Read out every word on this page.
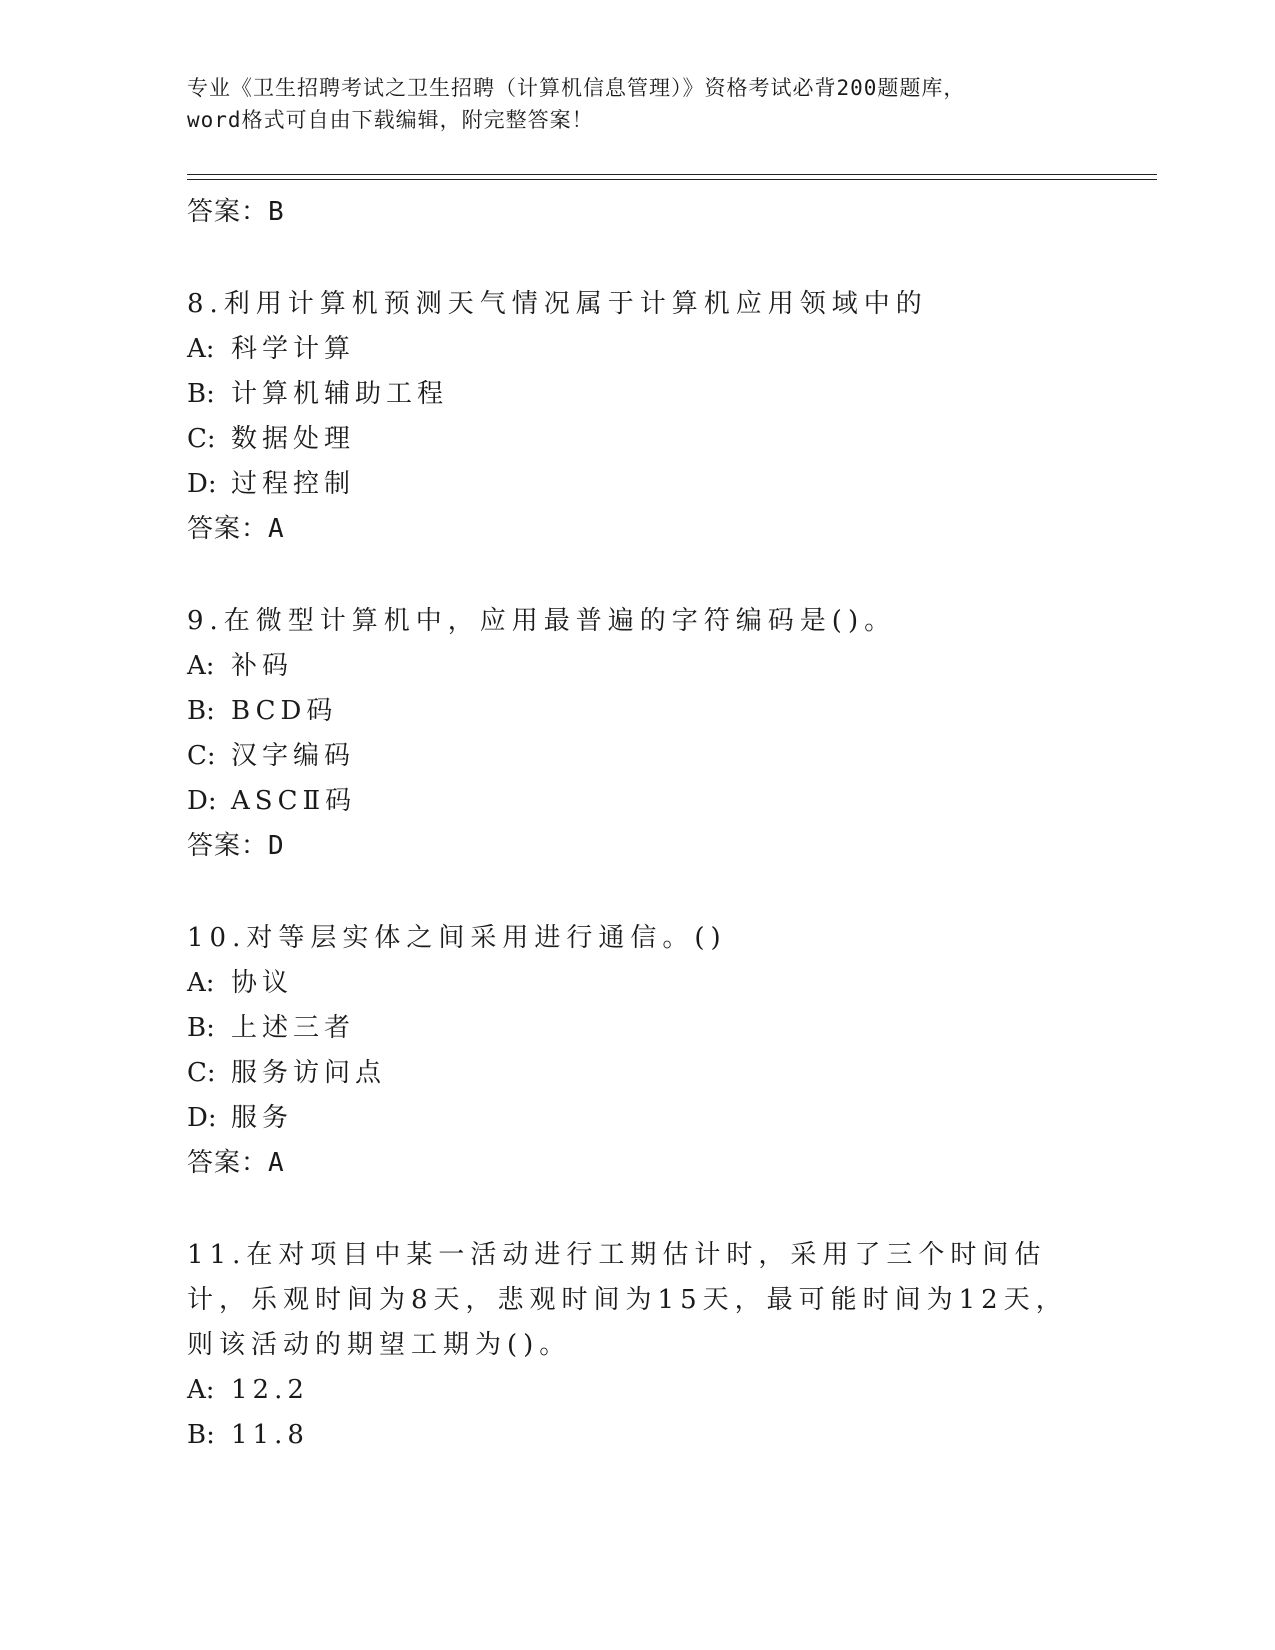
专业《卫生招聘考试之卫生招聘（计算机信息管理）》资格考试必背200题题库，
word格式可自由下载编辑，附完整答案！
答案：B
8.利用计算机预测天气情况属于计算机应用领域中的
A: 科学计算
B: 计算机辅助工程
C: 数据处理
D: 过程控制
答案：A
9.在微型计算机中，应用最普遍的字符编码是()。
A: 补码
B: BCD码
C: 汉字编码
D: ASCⅡ码
答案：D
10.对等层实体之间采用进行通信。()
A: 协议
B: 上述三者
C: 服务访问点
D: 服务
答案：A
11.在对项目中某一活动进行工期估计时，采用了三个时间估计，乐观时间为8天，悲观时间为15天，最可能时间为12天，则该活动的期望工期为()。
A: 12.2
B: 11.8
